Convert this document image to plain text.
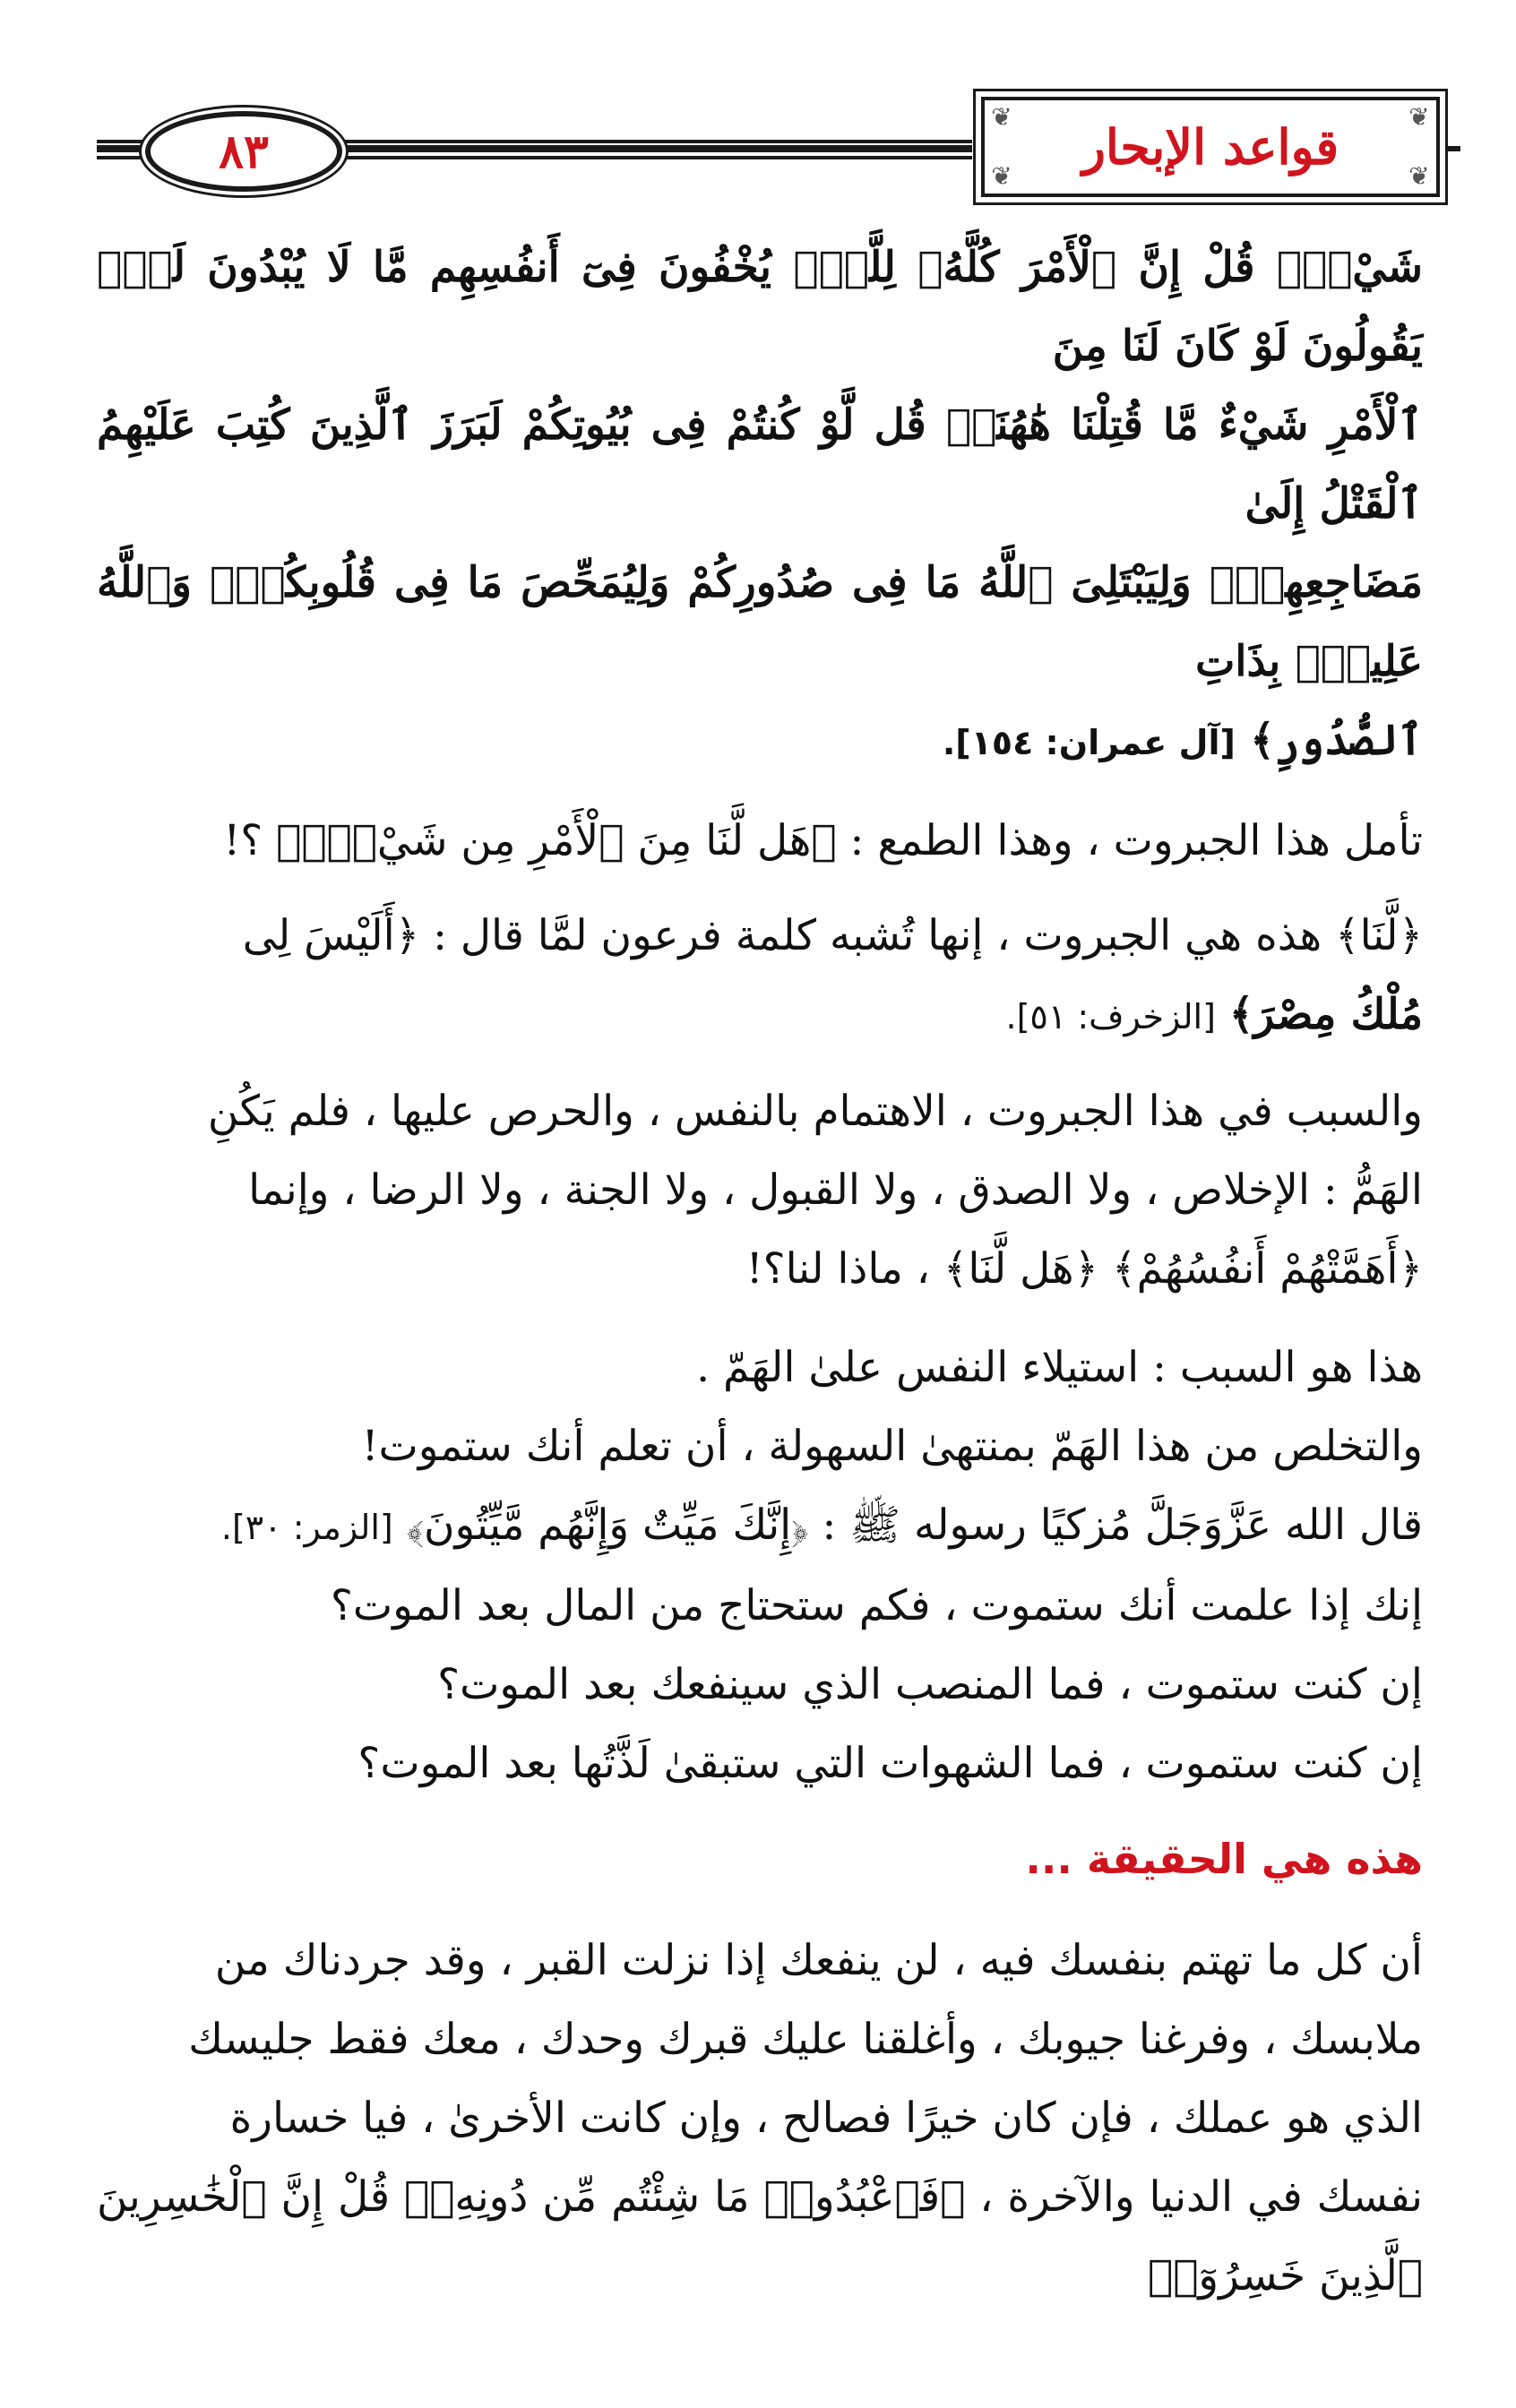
٨٣	قواعد الإبحار
❦	❦
❦	❦
شَيْءٍۗ قُلْ إِنَّ ٱلْأَمْرَ كُلَّهُۥ لِلَّهِۗ يُخْفُونَ فِىٓ أَنفُسِهِم مَّا لَا يُبْدُونَ لَكَۖ يَقُولُونَ لَوْ كَانَ لَنَا مِنَ
ٱلْأَمْرِ شَيْءٌ مَّا قُتِلْنَا هَٰهُنَاۗ قُل لَّوْ كُنتُمْ فِى بُيُوتِكُمْ لَبَرَزَ ٱلَّذِينَ كُتِبَ عَلَيْهِمُ ٱلْقَتْلُ إِلَىٰ
مَضَاجِعِهِمْۖ وَلِيَبْتَلِىَ ٱللَّهُ مَا فِى صُدُورِكُمْ وَلِيُمَحِّصَ مَا فِى قُلُوبِكُمْۗ وَٱللَّهُ عَلِيمٌۢ بِذَاتِ
ٱلصُّدُورِ﴾ [آل عمران: ١٥٤].

تأمل هذا الجبروت ، وهذا الطمع : ﴿هَل لَّنَا مِنَ ٱلْأَمْرِ مِن شَيْءٍۗ﴾ ؟!

﴿لَّنَا﴾ هذه هي الجبروت ، إنها تُشبه كلمة فرعون لمَّا قال : ﴿أَلَيْسَ لِى
مُلْكُ مِصْرَ﴾ [الزخرف: ٥١].
والسبب في هذا الجبروت ، الاهتمام بالنفس ، والحرص عليها ، فلم يَكُنِ
الهَمُّ : الإخلاص ، ولا الصدق ، ولا القبول ، ولا الجنة ، ولا الرضا ، وإنما
﴿أَهَمَّتْهُمْ أَنفُسُهُمْ﴾ ﴿هَل لَّنَا﴾ ، ماذا لنا؟!

هذا هو السبب : استيلاء النفس علىٰ الهَمّ .

والتخلص من هذا الهَمّ بمنتهىٰ السهولة ، أن تعلم أنك ستموت!

قال الله عَزَّوَجَلَّ مُزكيًا رسوله ﷺ : ﴿إِنَّكَ مَيِّتٌ وَإِنَّهُم مَّيِّتُونَ﴾ [الزمر: ٣٠].

إنك إذا علمت أنك ستموت ، فكم ستحتاج من المال بعد الموت؟

إن كنت ستموت ، فما المنصب الذي سينفعك بعد الموت؟

إن كنت ستموت ، فما الشهوات التي ستبقىٰ لَذَّتُها بعد الموت؟

هذه هي الحقيقة ...
أن كل ما تهتم بنفسك فيه ، لن ينفعك إذا نزلت القبر ، وقد جردناك من
ملابسك ، وفرغنا جيوبك ، وأغلقنا عليك قبرك وحدك ، معك فقط جليسك
الذي هو عملك ، فإن كان خيرًا فصالح ، وإن كانت الأخرىٰ ، فيا خسارة
نفسك في الدنيا والآخرة ، ﴿فَٱعْبُدُوا۟ مَا شِئْتُم مِّن دُونِهِۦۗ قُلْ إِنَّ ٱلْخَٰسِرِينَ ٱلَّذِينَ خَسِرُوٓا۟
